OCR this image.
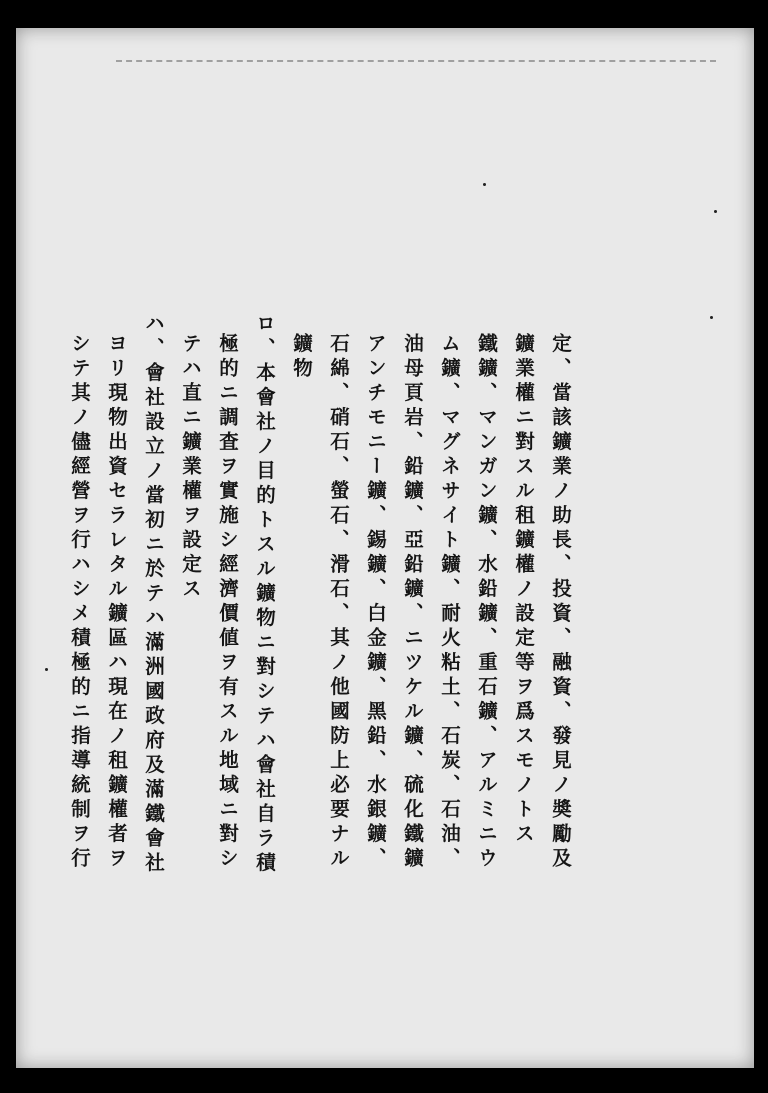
定、當該鑛業ノ助長、投資、融資、發見ノ奬勵及
鑛業權ニ對スル租鑛權ノ設定等ヲ爲スモノトス
鐵鑛、マンガン鑛、水鉛鑛、重石鑛、アルミニウ
ム鑛、マグネサイト鑛、耐火粘土、石炭、石油、
油母頁岩、鉛鑛、亞鉛鑛、ニツケル鑛、硫化鐵鑛
アンチモニー鑛、錫鑛、白金鑛、黑鉛、水銀鑛、
石綿、硝石、螢石、滑石、其ノ他國防上必要ナル
鑛物
ロ、本會社ノ目的トスル鑛物ニ對シテハ會社自ラ積
極的ニ調査ヲ實施シ經濟價値ヲ有スル地域ニ對シ
テハ直ニ鑛業權ヲ設定ス
ハ、會社設立ノ當初ニ於テハ滿洲國政府及滿鐵會社
ヨリ現物出資セラレタル鑛區ハ現在ノ租鑛權者ヲ
シテ其ノ儘經營ヲ行ハシメ積極的ニ指導統制ヲ行
